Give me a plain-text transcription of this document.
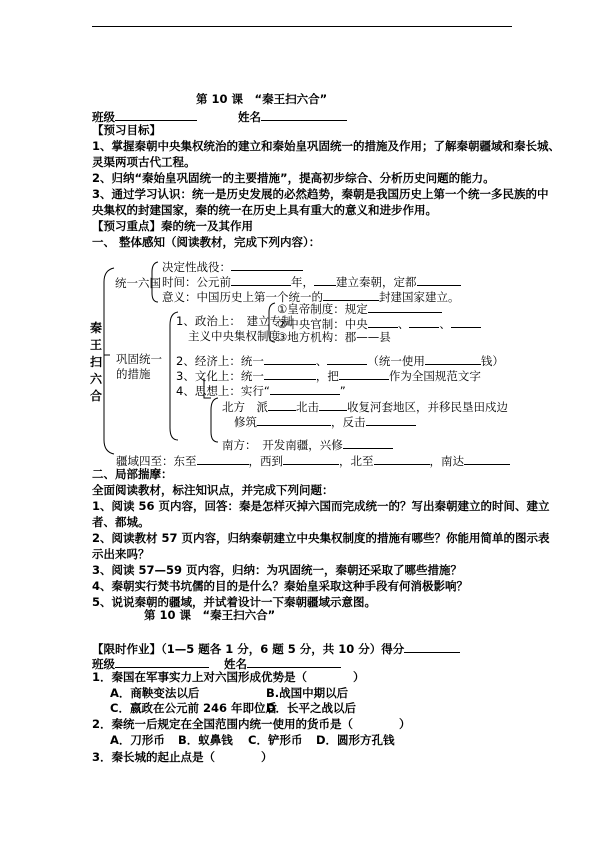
第 10 课　“秦王扫六合”
班级	姓名
【预习目标】
1、掌握秦朝中央集权统治的建立和秦始皇巩固统一的措施及作用；了解秦朝疆域和秦长城、
灵渠两项古代工程。
2、归纳“秦始皇巩固统一的主要措施”，提高初步综合、分析历史问题的能力。
3、通过学习认识：统一是历史发展的必然趋势，秦朝是我国历史上第一个统一多民族的中
央集权的封建国家，秦的统一在历史上具有重大的意义和进步作用。
【预习重点】秦的统一及其作用
一、 整体感知（阅读教材，完成下列内容）：
秦
王
扫
六
合
统一六国
决定性战役：
时间：公元前	年， 建立秦朝，定都
意义：中国历史上第一个统一的	封建国家建立。
巩固统一
的措施
1、政治上：　建立专制
主义中央集权制度
①皇帝制度：规定
②中央官制：中央	、	、
③地方机构：郡——县
2、经济上：统一	、	（统一使用	钱）
3、文化上：统一	，把	作为全国规范文字
4、思想上：实行“	”
北方　派 北击 收复河套地区，并移民垦田戍边
修筑	，反击
南方：　开发南疆，兴修
疆域四至：东至	，西到	，北至	，南达
二、局部揣摩：
全面阅读教材，标注知识点，并完成下列问题：
1、阅读 56 页内容，回答：秦是怎样灭掉六国而完成统一的？写出秦朝建立的时间、建立
者、都城。
2、阅读教材 57 页内容，归纳秦朝建立中央集权制度的措施有哪些？你能用简单的图示表
示出来吗？
3、阅读 57—59 页内容，归纳：为巩固统一，秦朝还采取了哪些措施？
4、秦朝实行焚书坑儒的目的是什么？秦始皇采取这种手段有何消极影响？
5、说说秦朝的疆域，并试着设计一下秦朝疆域示意图。
第 10 课　“秦王扫六合”
【限时作业】（1—5 题各 1 分，6 题 5 分，共 10 分）得分
班级	姓名
1．秦国在军事实力上对六国形成优势是（　　　　）
A．商鞅变法以后	B.战国中期以后
C．嬴政在公元前 246 年即位后
D．长平之战以后
2．秦统一后规定在全国范围内统一使用的货币是（　　　　）
A．刀形币 B．蚁鼻钱 C．铲形币 D．圆形方孔钱
3．秦长城的起止点是（　　　　）
